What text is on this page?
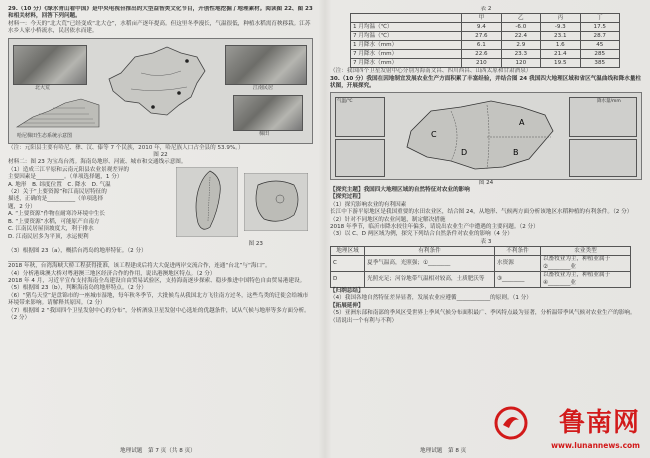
29.（10 分）《绿水青山看中国》是中央电视台推出的大型益智类文化节目，开创性地挖掘了地理素材。阅读图 22、图 23 和相关材料，回答下列问题。

材料一：今天的“北大荒”已经变成“北大仓”，水稻亩产逐年提高。但这里冬季漫长，气温很低，种植水稻需育秧移栽。江苏水乡人家小桥流水，民居依水而建。

北大荒	江南民居
梯田
哈尼梯田生态系统示意图

（注：元阳县主要有哈尼、彝、汉、傣等 7 个民族，2010 年，哈尼族人口占全县的 53.9%。）

图 22

材料二：图 23 为宝岛台湾。海南岛地形、河流、城市和交通线示意图。

（1）造成三江平原和云南元阳县农业景观差异的

主要因素是__________。（单项选择题，1 分）

A. 地形　B. 纬度位置　C. 降水　D. 气温

（2）关于“上要资源”和江南民居特征的

描述，正确的是__________（单项选择

题，2 分）

A. “上要资源”作物在耐寒冷环境中生长

B. “上要资源”水稻，可能原产自南方

C. 江南民居屋顶坡度大，利于排水

D. 江南民居多为平顶，水运便利

图 23

（3）根据图 23（a），概括台湾岛的地形特征。（2 分）

____________________________________

2018 年秋，台湾海峡大桥工程获得批准，该工程建成后将大大促进两岸交流合作，连通“台北”与“海口”。

（4）分析港珠澳大桥对粤港澳三地区经济合作的作用，说出港澳地区特点。（2 分）

2018 年 4 月，习近平宣布支持海南全岛建设自由贸易试验区，支持海南逐步探索、稳步推进中国特色自由贸易港建设。

（5）根据图 23（b），判断海南岛的地形特点。（2 分）

（6）“猪鸟天堂”是盘锦市的一座城市湿地，每年秋冬季节，大批候鸟从我国北方飞往南方过冬，这些鸟类的迁徙会给城市环境带来影响。请解释其原因。（2 分）

（7）根据图 2 “我国四个卫星发射中心的分布”，分析酒泉卫星发射中心选址的优越条件，试从气候与地形等多方面分析。（2 分）

地理试题　第 7 页（共 8 页）

表 2

	甲	乙	丙	丁
1 月均温（℃）	9.4	-6.0	-9.3	17.5
7 月均温（℃）	27.6	22.4	23.1	28.7
1 月降水（mm）	6.1	2.9	1.6	45
7 月降水（mm）	22.6	23.3	21.4	285
7 月降水（mm）	210	120	19.5	385

（注：我国四个卫星发射中心分别为海南文昌、四川西昌、山西太原和甘肃酒泉）

30.（10 分）我国在因地制宜发展农业生产方面积累了丰富经验，并结合图 24 我国四大地理区域和省区气温曲线和降水量柱状图，开展探究。

C
D
A
B
气温/℃	降水量/mm

图 24

【探究主题】我国四大地理区域的自然特征对农业的影响

【探究过程】

（1）探究影响农业的有利因素

长江中下游平原地区是我国重要的水田农业区，结合图 24，从地形、气候两方面分析该地区水稻种植的有利条件。（2 分）

（2）针对不同地区的农业问题，制定解决措施

2018 年季节，临沂市降水较往年偏多，请说出农业生产中遭遇的主要问题。（2 分）

（3）以 C、D 两区域为例，探究下列结合自然条件对农业的影响（4 分）

表 3

地理区域	有利条件	不利条件	农业类型
C	夏季气温高，光照强；①________	水资源	以畜牧业为主，种植业属于②________业
D	光照充足；河谷地带气温相对较高，土质肥沃等	③________	以畜牧业为主，种植业属于④________业

【归纳总结】

（4）我国各地自然特征差异显著，发展农业应遵循____________的原则。（1 分）

【拓展延伸】

（5）亚洲东部和南部的季风区受世界上季风气候分布面积最广、季风特点最为显著，分析温带季风气候对农业生产的影响。（请说出一个有利与不利）

地理试题　第 8 页
鲁南网
www.lunannews.com
